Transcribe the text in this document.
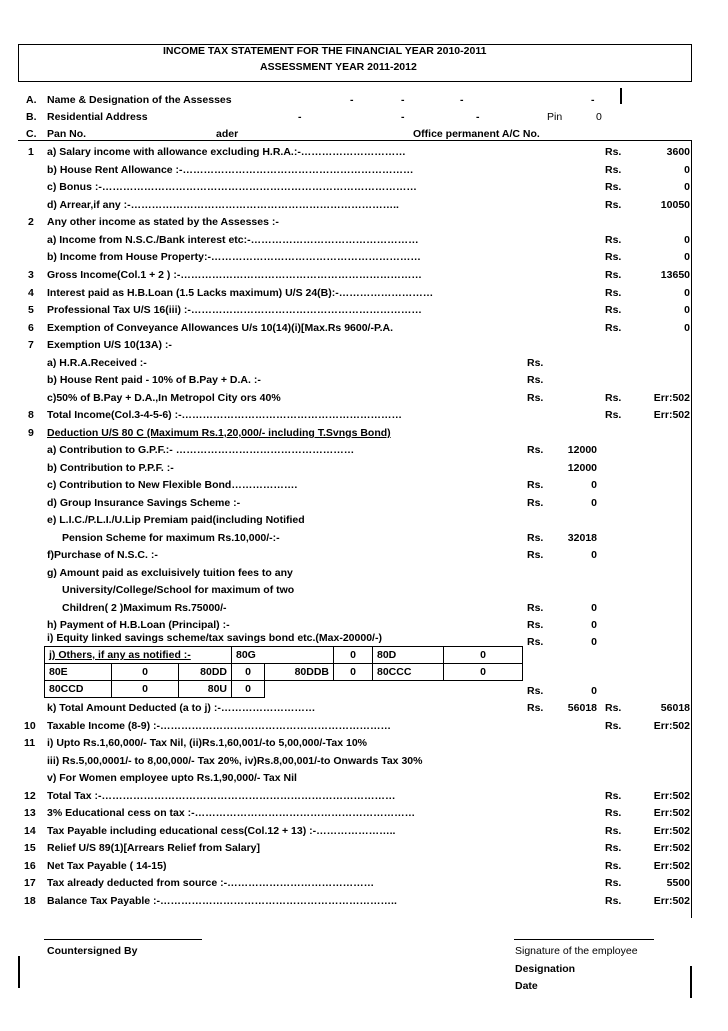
INCOME TAX STATEMENT FOR THE FINANCIAL YEAR 2010-2011
ASSESSMENT YEAR 2011-2012
A. Name & Designation of the Assesses	-	-	-	-
B. Residential Address	-	-	-	Pin	0
C. Pan No.	ader	Office permanent A/C No.
1 a) Salary income with allowance excluding H.R.A.:-…………………………	Rs.	3600
b) House Rent Allowance :-…………………………………………………………	Rs.	0
c) Bonus :-………………………………………………………………………………	Rs.	0
d) Arrear,if any :-…………………………………………………………………..	Rs.	10050
2 Any other income as stated by the Assesses :-
a) Income from N.S.C./Bank interest etc:-…………………………………………	Rs.	0
b) Income from House Property:-……………………………………………………	Rs.	0
3 Gross Income(Col.1 + 2 ) :-……………………………………………………………	Rs.	13650
4 Interest paid as H.B.Loan (1.5 Lacks maximum) U/S 24(B):-………………………	Rs.	0
5 Professional Tax U/S 16(iii) :-…………………………………………………………	Rs.	0
6 Exemption of Conveyance Allowances U/s 10(14)(i)[Max.Rs 9600/-P.A.	Rs.	0
7 Exemption U/S 10(13A) :-
a) H.R.A.Received :-	Rs.
b) House Rent paid - 10% of B.Pay + D.A. :-	Rs.
c)50% of B.Pay + D.A.,In Metropol City ors 40%	Rs.	Rs.	Err:502
8 Total Income(Col.3-4-5-6) :-………………………………………………………	Rs.	Err:502
9 Deduction U/S 80 C (Maximum Rs.1,20,000/- including T.Svngs Bond)
a) Contribution to G.P.F.:- ……………………………………………	Rs. 12000
b) Contribution to P.P.F. :-	12000
c) Contribution to New Flexible Bond……………….	Rs.	0
d) Group Insurance Savings Scheme :-	Rs.	0
e) L.I.C./P.L.I./U.Lip Premiam paid(including Notified
Pension Scheme for maximum Rs.10,000/-:-	Rs. 32018
f)Purchase of N.S.C. :-	Rs.	0
g) Amount paid as excluisively tuition fees to any
University/College/School for maximum of two
Children( 2 )Maximum Rs.75000/-	Rs.	0
h) Payment of H.B.Loan (Principal) :-	Rs.	0
i) Equity linked savings scheme/tax savings bond etc.(Max-20000/-)	Rs.	0
j) Others, if any as notified :-			80G		0	80D	0
80E	0	80DD	0	80DDB	0	80CCC	0
80CCD	0	80U	0					Rs.	0
k) Total Amount Deducted (a to j) :-………………………	Rs. 56018 Rs.	56018
10 Taxable Income (8-9) :-…………………………………………………………	Rs.	Err:502
11 i) Upto Rs.1,60,000/- Tax Nil, (ii)Rs.1,60,001/-to 5,00,000/-Tax 10%
iii) Rs.5,00,0001/- to 8,00,000/- Tax 20%, iv)Rs.8,00,001/-to Onwards Tax 30%
v) For Women employee upto Rs.1,90,000/- Tax Nil
12 Total Tax :-…………………………………………………………………………	Rs.	Err:502
13 3% Educational cess on tax :-………………………………………………………	Rs.	Err:502
14 Tax Payable including educational cess(Col.12 + 13) :-…………………..	Rs.	Err:502
15 Relief U/S 89(1)[Arrears Relief from Salary]	Rs.	Err:502
16 Net Tax Payable ( 14-15)	Rs.	Err:502
17 Tax already deducted from source :-……………………………………	Rs.	5500
18 Balance Tax Payable :-…………………………………………………………..	Rs.	Err:502
Countersigned By	Signature of the employee
Designation
Date
